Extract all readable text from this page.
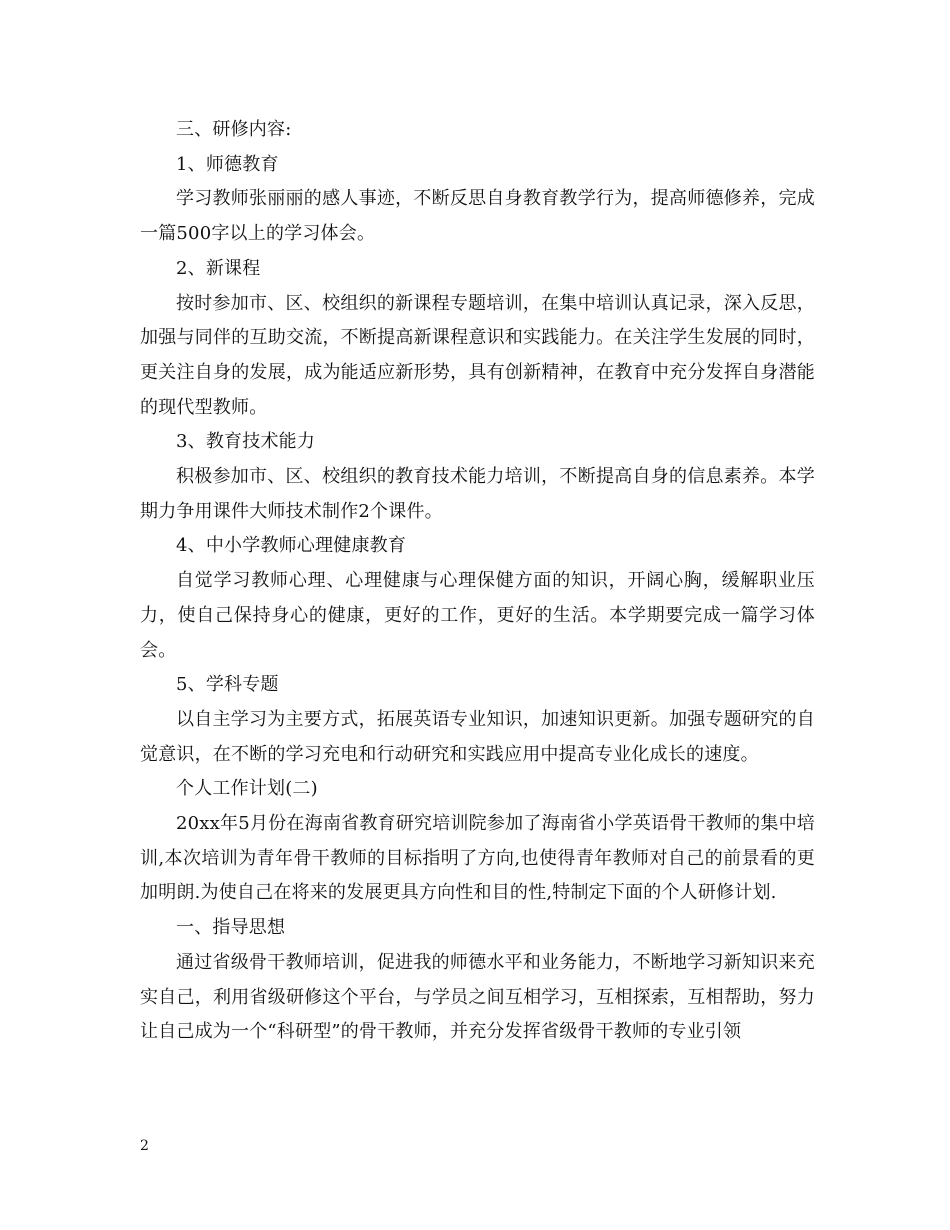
三、研修内容:

1、师德教育

学习教师张丽丽的感人事迹，不断反思自身教育教学行为，提高师德修养，完成一篇500字以上的学习体会。

2、新课程

按时参加市、区、校组织的新课程专题培训，在集中培训认真记录，深入反思，加强与同伴的互助交流，不断提高新课程意识和实践能力。在关注学生发展的同时，更关注自身的发展，成为能适应新形势，具有创新精神，在教育中充分发挥自身潜能的现代型教师。

3、教育技术能力

积极参加市、区、校组织的教育技术能力培训，不断提高自身的信息素养。本学期力争用课件大师技术制作2个课件。

4、中小学教师心理健康教育

自觉学习教师心理、心理健康与心理保健方面的知识，开阔心胸，缓解职业压力，使自己保持身心的健康，更好的工作，更好的生活。本学期要完成一篇学习体会。

5、学科专题

以自主学习为主要方式，拓展英语专业知识，加速知识更新。加强专题研究的自觉意识，在不断的学习充电和行动研究和实践应用中提高专业化成长的速度。

个人工作计划(二)

20xx年5月份在海南省教育研究培训院参加了海南省小学英语骨干教师的集中培训,本次培训为青年骨干教师的目标指明了方向,也使得青年教师对自己的前景看的更加明朗.为使自己在将来的发展更具方向性和目的性,特制定下面的个人研修计划.

一、指导思想

通过省级骨干教师培训，促进我的师德水平和业务能力，不断地学习新知识来充实自己，利用省级研修这个平台，与学员之间互相学习，互相探索，互相帮助，努力让自己成为一个“科研型”的骨干教师，并充分发挥省级骨干教师的专业引领

2
